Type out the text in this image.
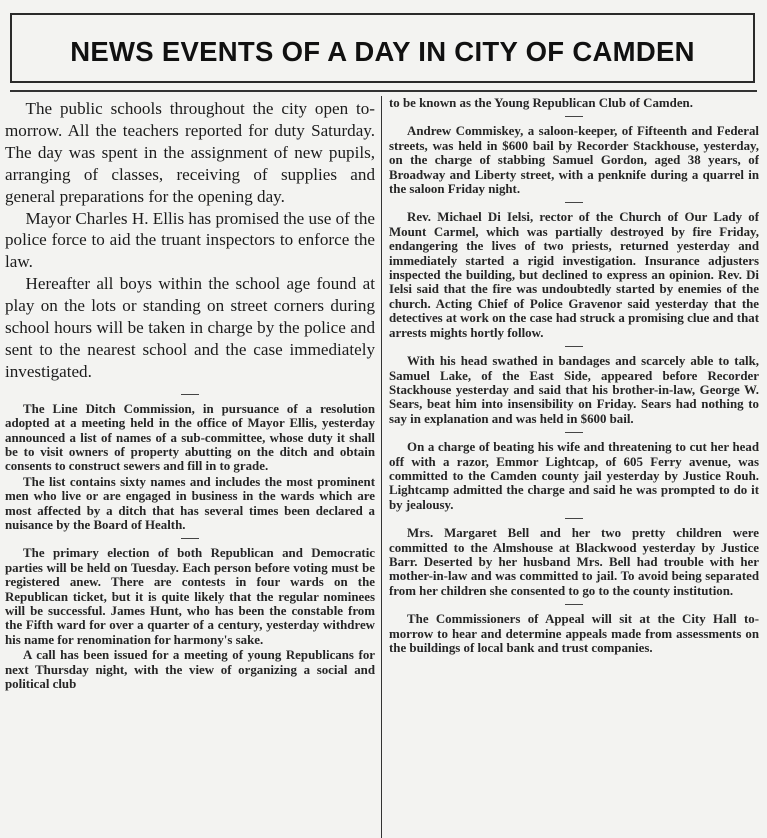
NEWS EVENTS OF A DAY IN CITY OF CAMDEN

The public schools throughout the city open to-morrow. All the teachers reported for duty Saturday. The day was spent in the assignment of new pupils, arranging of classes, receiving of supplies and general preparations for the opening day.

Mayor Charles H. Ellis has promised the use of the police force to aid the truant inspectors to enforce the law.

Hereafter all boys within the school age found at play on the lots or standing on street corners during school hours will be taken in charge by the police and sent to the nearest school and the case immediately investigated.

The Line Ditch Commission, in pursuance of a resolution adopted at a meeting held in the office of Mayor Ellis, yesterday announced a list of names of a sub-committee, whose duty it shall be to visit owners of property abutting on the ditch and obtain consents to construct sewers and fill in to grade.

The list contains sixty names and includes the most prominent men who live or are engaged in business in the wards which are most affected by a ditch that has several times been declared a nuisance by the Board of Health.

The primary election of both Republican and Democratic parties will be held on Tuesday. Each person before voting must be registered anew. There are contests in four wards on the Republican ticket, but it is quite likely that the regular nominees will be successful. James Hunt, who has been the constable from the Fifth ward for over a quarter of a century, yesterday withdrew his name for renomination for harmony's sake.

A call has been issued for a meeting of young Republicans for next Thursday night, with the view of organizing a social and political club

to be known as the Young Republican Club of Camden.

Andrew Commiskey, a saloon-keeper, of Fifteenth and Federal streets, was held in $600 bail by Recorder Stackhouse, yesterday, on the charge of stabbing Samuel Gordon, aged 38 years, of Broadway and Liberty street, with a penknife during a quarrel in the saloon Friday night.

Rev. Michael Di Ielsi, rector of the Church of Our Lady of Mount Carmel, which was partially destroyed by fire Friday, endangering the lives of two priests, returned yesterday and immediately started a rigid investigation. Insurance adjusters inspected the building, but declined to express an opinion. Rev. Di Ielsi said that the fire was undoubtedly started by enemies of the church. Acting Chief of Police Gravenor said yesterday that the detectives at work on the case had struck a promising clue and that arrests mights hortly follow.

With his head swathed in bandages and scarcely able to talk, Samuel Lake, of the East Side, appeared before Recorder Stackhouse yesterday and said that his brother-in-law, George W. Sears, beat him into insensibility on Friday. Sears had nothing to say in explanation and was held in $600 bail.

On a charge of beating his wife and threatening to cut her head off with a razor, Emmor Lightcap, of 605 Ferry avenue, was committed to the Camden county jail yesterday by Justice Rouh. Lightcamp admitted the charge and said he was prompted to do it by jealousy.

Mrs. Margaret Bell and her two pretty children were committed to the Almshouse at Blackwood yesterday by Justice Barr. Deserted by her husband Mrs. Bell had trouble with her mother-in-law and was committed to jail. To avoid being separated from her children she consented to go to the county institution.

The Commissioners of Appeal will sit at the City Hall to-morrow to hear and determine appeals made from assessments on the buildings of local bank and trust companies.
